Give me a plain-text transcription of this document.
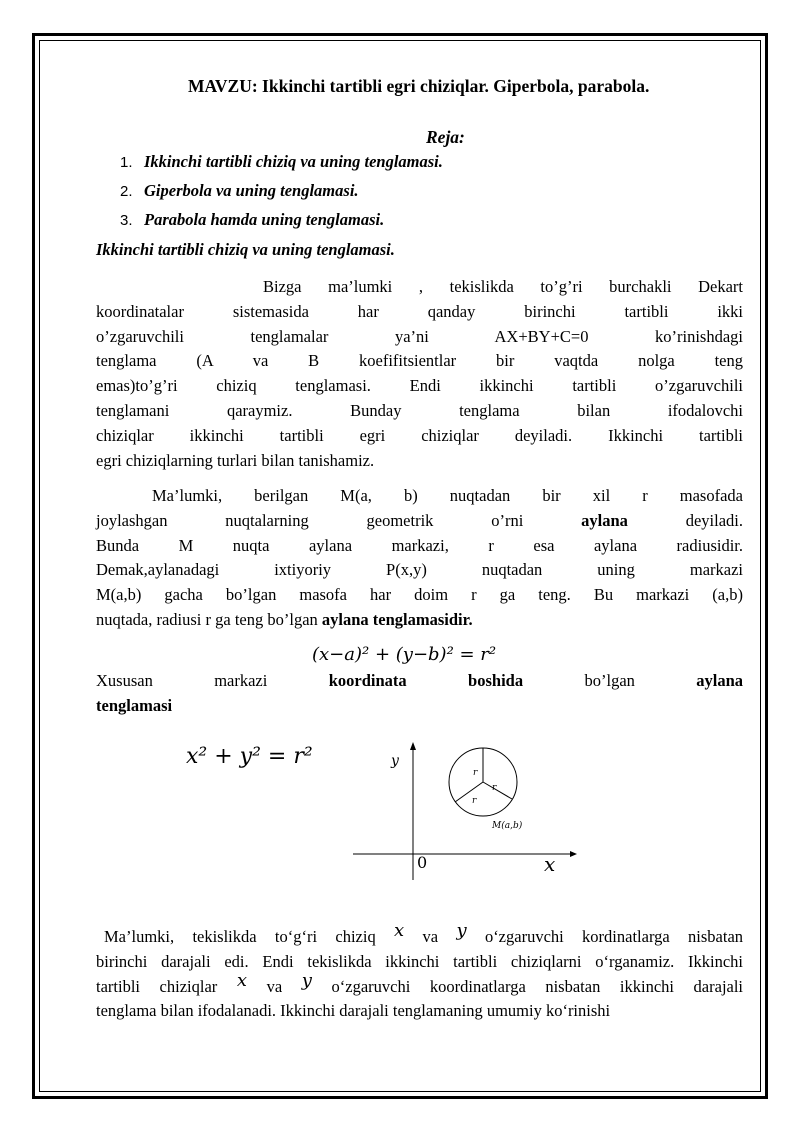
MAVZU: Ikkinchi tartibli egri chiziqlar. Giperbola, parabola.
Reja:
1. Ikkinchi tartibli chiziq va uning tenglamasi.
2. Giperbola va uning tenglamasi.
3. Parabola hamda uning tenglamasi.
Ikkinchi tartibli chiziq va uning tenglamasi.
Bizga ma’lumki , tekislikda to’g’ri burchakli Dekart
koordinatalar sistemasida har qanday birinchi tartibli ikki
o’zgaruvchili tenglamalar ya’ni AX+BY+C=0 ko’rinishdagi
tenglama (A va B koefifitsientlar bir vaqtda nolga teng
emas)to’g’ri chiziq tenglamasi. Endi ikkinchi tartibli o’zgaruvchili
tenglamani qaraymiz. Bunday tenglama bilan ifodalovchi
chiziqlar ikkinchi tartibli egri chiziqlar deyiladi. Ikkinchi tartibli
egri chiziqlarning turlari bilan tanishamiz.
Ma’lumki, berilgan M(a, b) nuqtadan bir xil r masofada
joylashgan nuqtalarning geometrik o’rni	aylana	deyiladi.
Bunda M nuqta aylana markazi, r esa aylana radiusidir.
Demak,aylanadagi ixtiyoriy P(x,y) nuqtadan uning markazi
M(a,b) gacha bo’lgan masofa har doim r ga teng. Bu markazi (a,b)
nuqtada, radiusi r ga teng bo’lgan aylana tenglamasidir.
(x−a)² + (y−b)² = r²
Xususan markazi	koordinata boshida	bo’lgan	aylana
tenglamasi
x² + y² = r²	y
x
0
r
r
r
M(a,b)
Ma’lumki, tekislikda to‘g‘ri chiziq x va y o‘zgaruvchi kordinatlarga nisbatan
birinchi darajali edi. Endi tekislikda ikkinchi tartibli chiziqlarni o‘rganamiz. Ikkinchi
tartibli chiziqlar x va y o‘zgaruvchi koordinatlarga nisbatan ikkinchi darajali
tenglama bilan ifodalanadi. Ikkinchi darajali tenglamaning umumiy ko‘rinishi
